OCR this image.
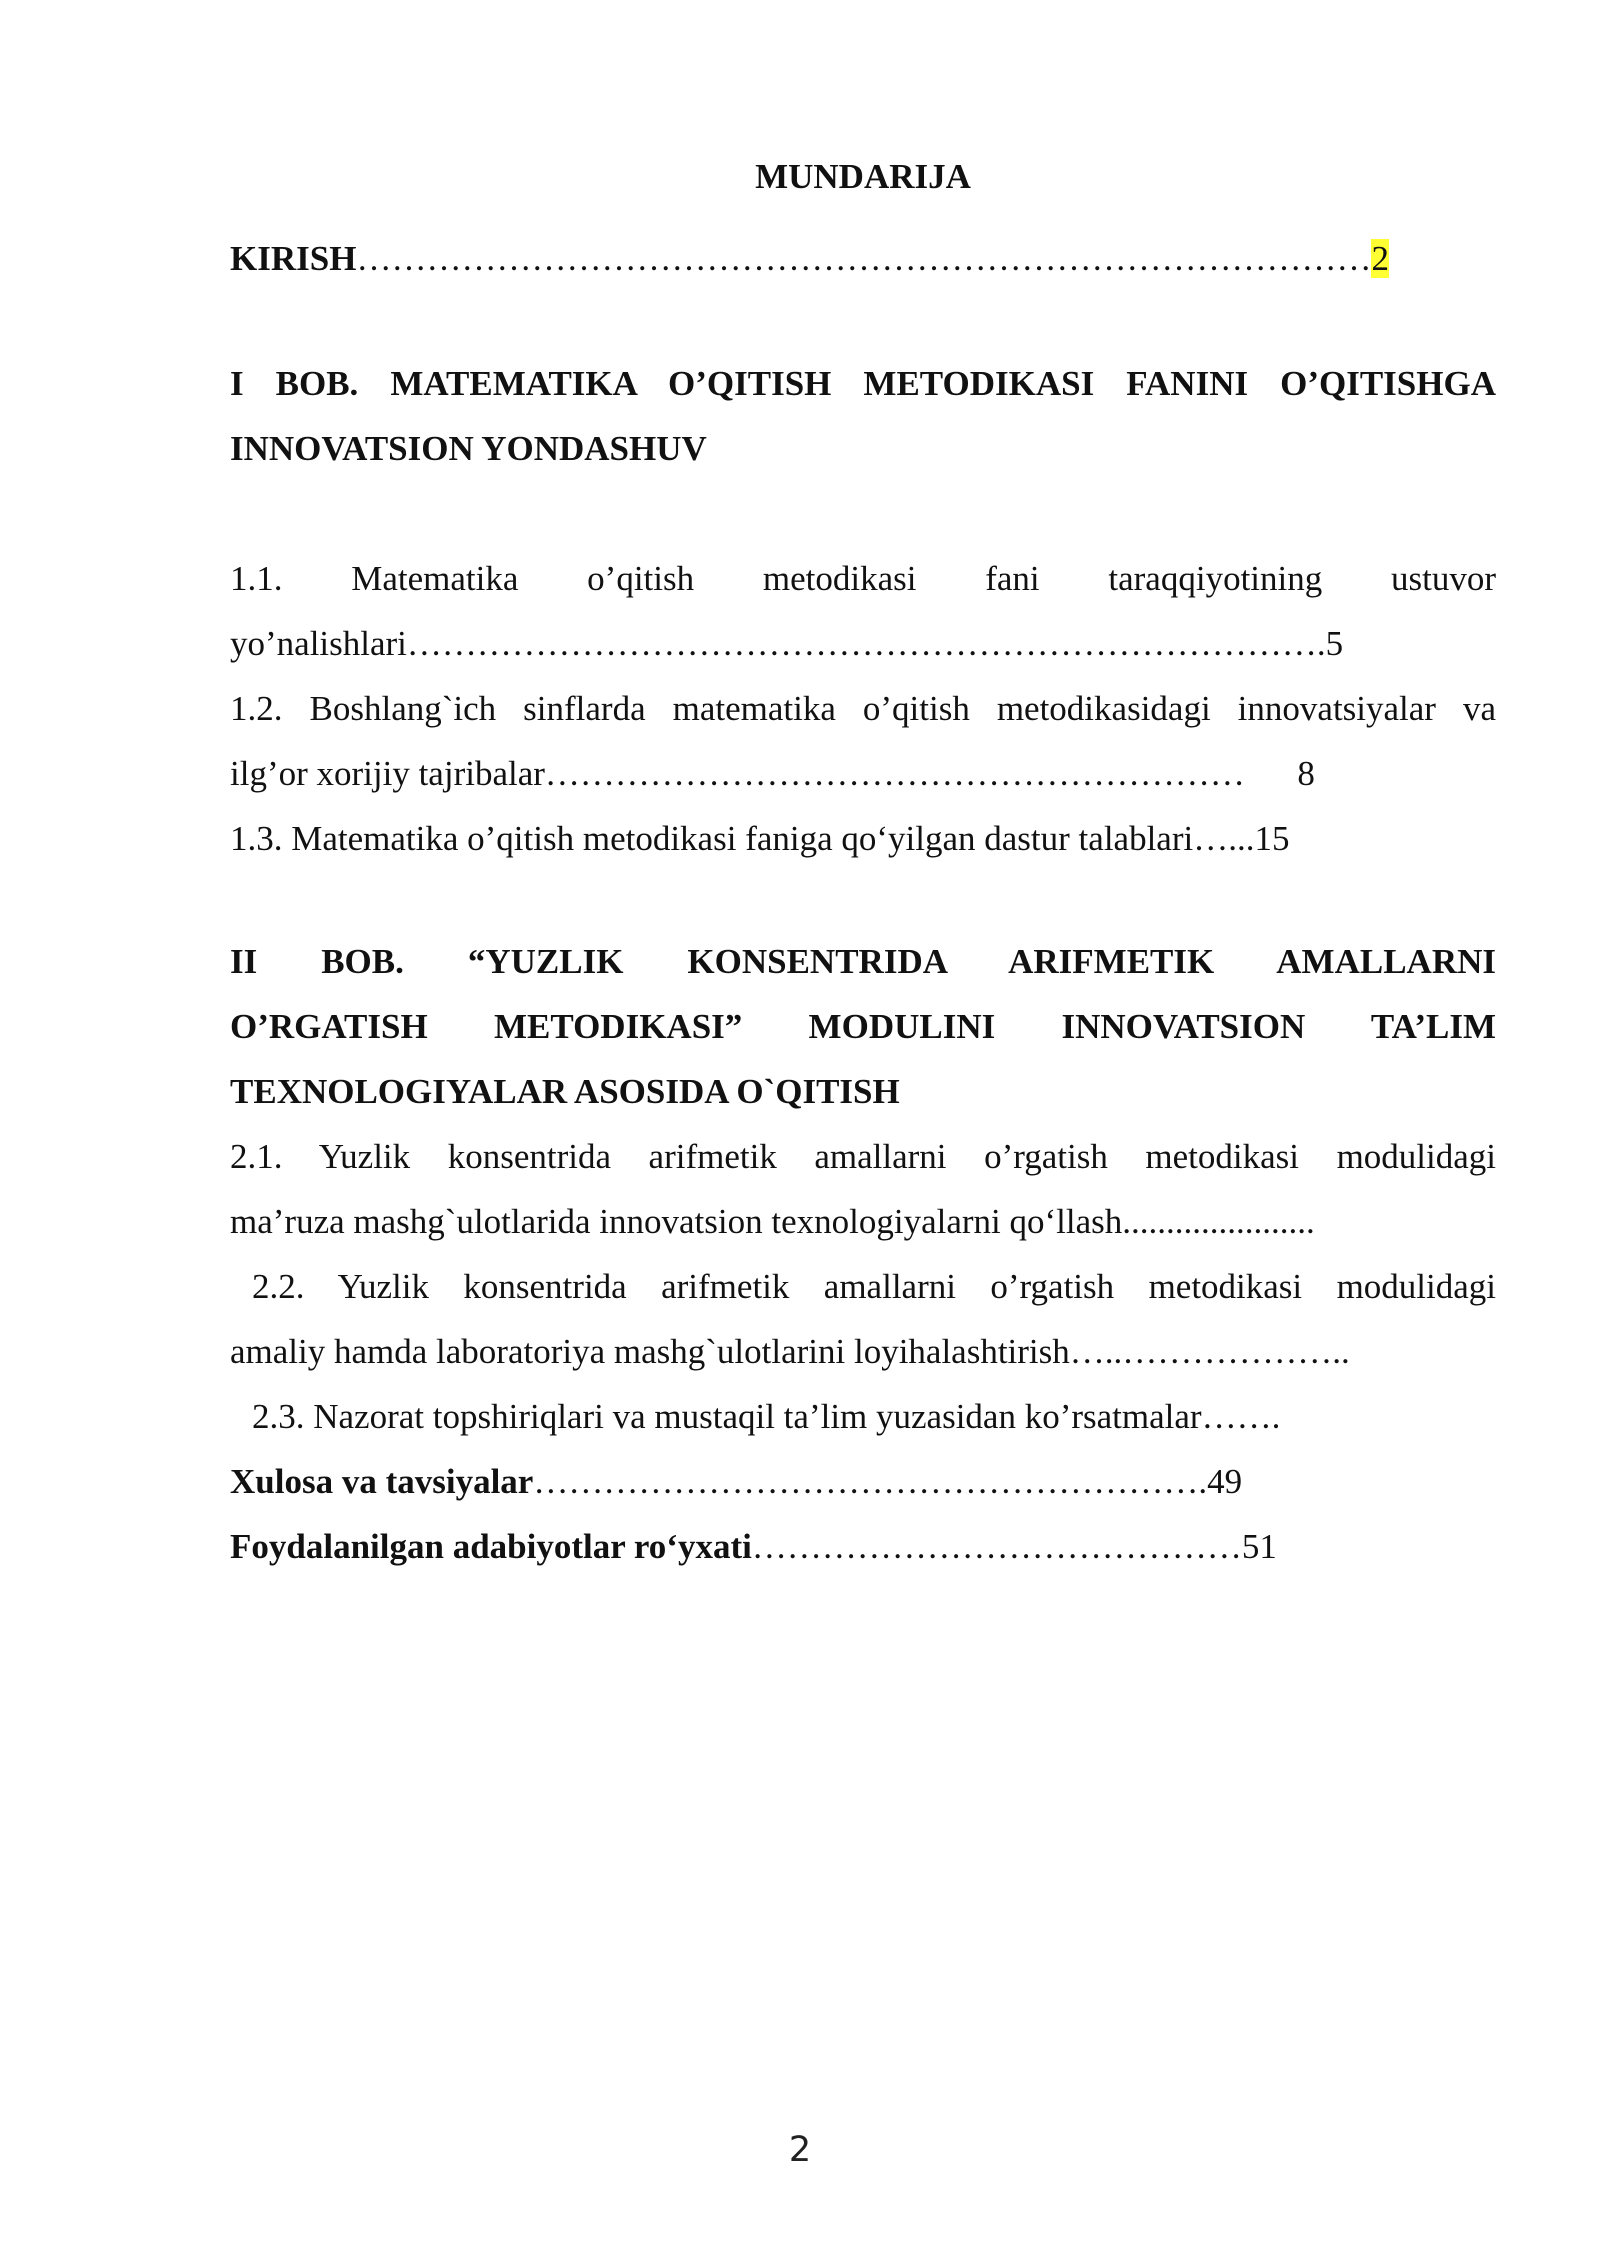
MUNDARIJA

KIRISH……………………………………………………………………………2

I BOB. MATEMATIKA O’QITISH METODIKASI FANINI O’QITISHGA
INNOVATSION YONDASHUV
1.1. Matematika o’qitish metodikasi fani taraqqiyotining ustuvor
yo’nalishlari…………………………………………………………………….5
1.2. Boshlang`ich sinflarda matematika o’qitish metodikasidagi innovatsiyalar va
ilg’or xorijiy tajribalar……………………………………………………      8
1.3. Matematika o’qitish metodikasi faniga qo‘yilgan dastur talablari…...15
II BOB. “YUZLIK KONSENTRIDA ARIFMETIK AMALLARNI
O’RGATISH METODIKASI” MODULINI INNOVATSION TA’LIM
TEXNOLOGIYALAR ASOSIDA O`QITISH
2.1. Yuzlik konsentrida arifmetik amallarni o’rgatish metodikasi modulidagi
ma’ruza mashg`ulotlarida innovatsion texnologiyalarni qo‘llash......................
2.2. Yuzlik konsentrida arifmetik amallarni o’rgatish metodikasi modulidagi
amaliy hamda laboratoriya mashg`ulotlarini loyihalashtirish…..………………..
2.3. Nazorat topshiriqlari va mustaqil ta’lim yuzasidan ko’rsatmalar…….

Xulosa va tavsiyalar………………………………………………….49

Foydalanilgan adabiyotlar ro‘yxati……………………………………51

2
